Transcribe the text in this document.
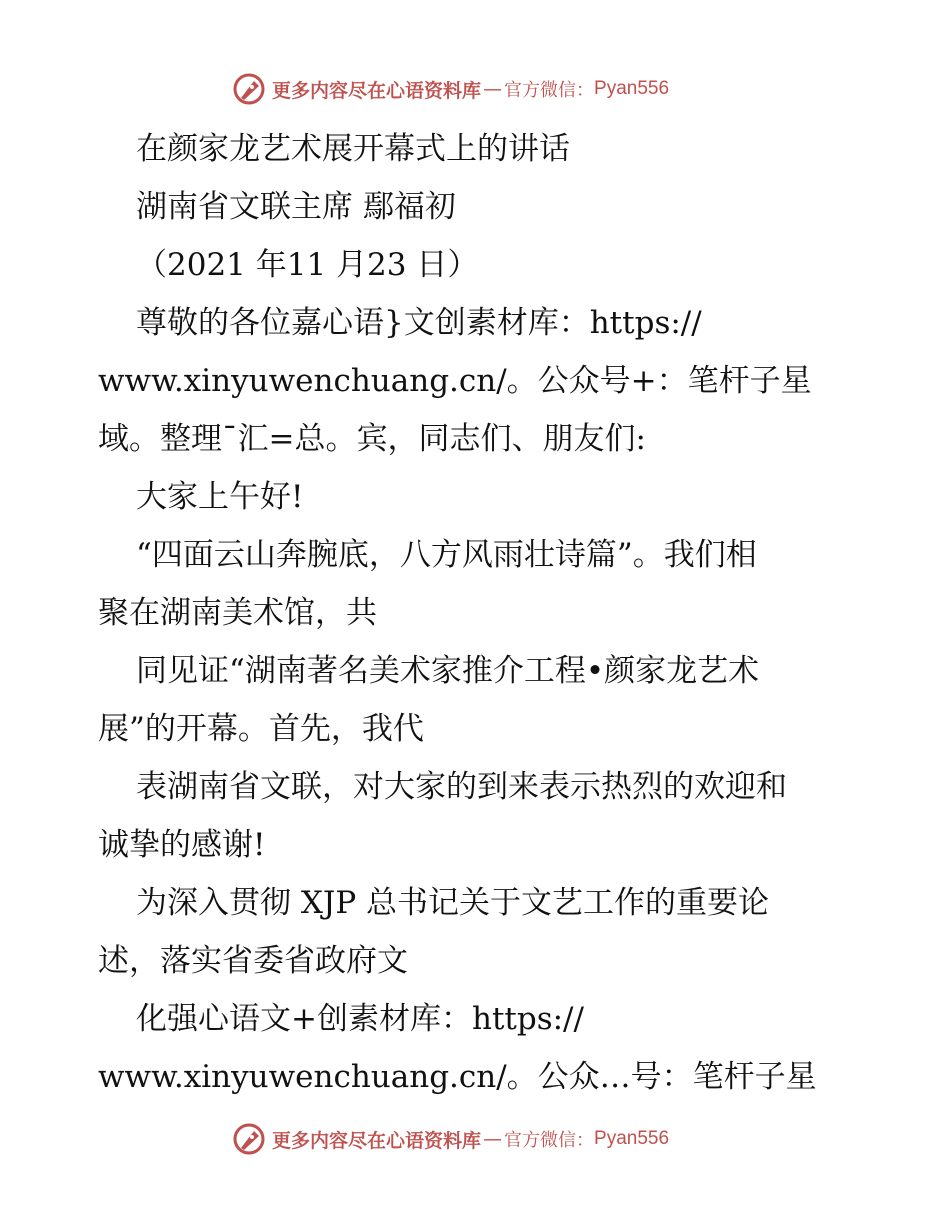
更多内容尽在心语资料库 — 官方微信： Pyan556
在颜家龙艺术展开幕式上的讲话
湖南省文联主席 鄢福初
（2021 年11 月23 日）
尊敬的各位嘉心语}文创素材库：https://
www.xinyuwenchuang.cn/。公众号+：笔杆子星
域。整理¯汇=总。宾，同志们、朋友们:
大家上午好!
“四面云山奔腕底，八方风雨壮诗篇”。我们相
聚在湖南美术馆，共
同见证“湖南著名美术家推介工程•颜家龙艺术
展”的开幕。首先，我代
表湖南省文联，对大家的到来表示热烈的欢迎和
诚挚的感谢!
为深入贯彻 XJP 总书记关于文艺工作的重要论
述，落实省委省政府文
化强心语文+创素材库：https://
www.xinyuwenchuang.cn/。公众…号：笔杆子星
更多内容尽在心语资料库 — 官方微信： Pyan556
